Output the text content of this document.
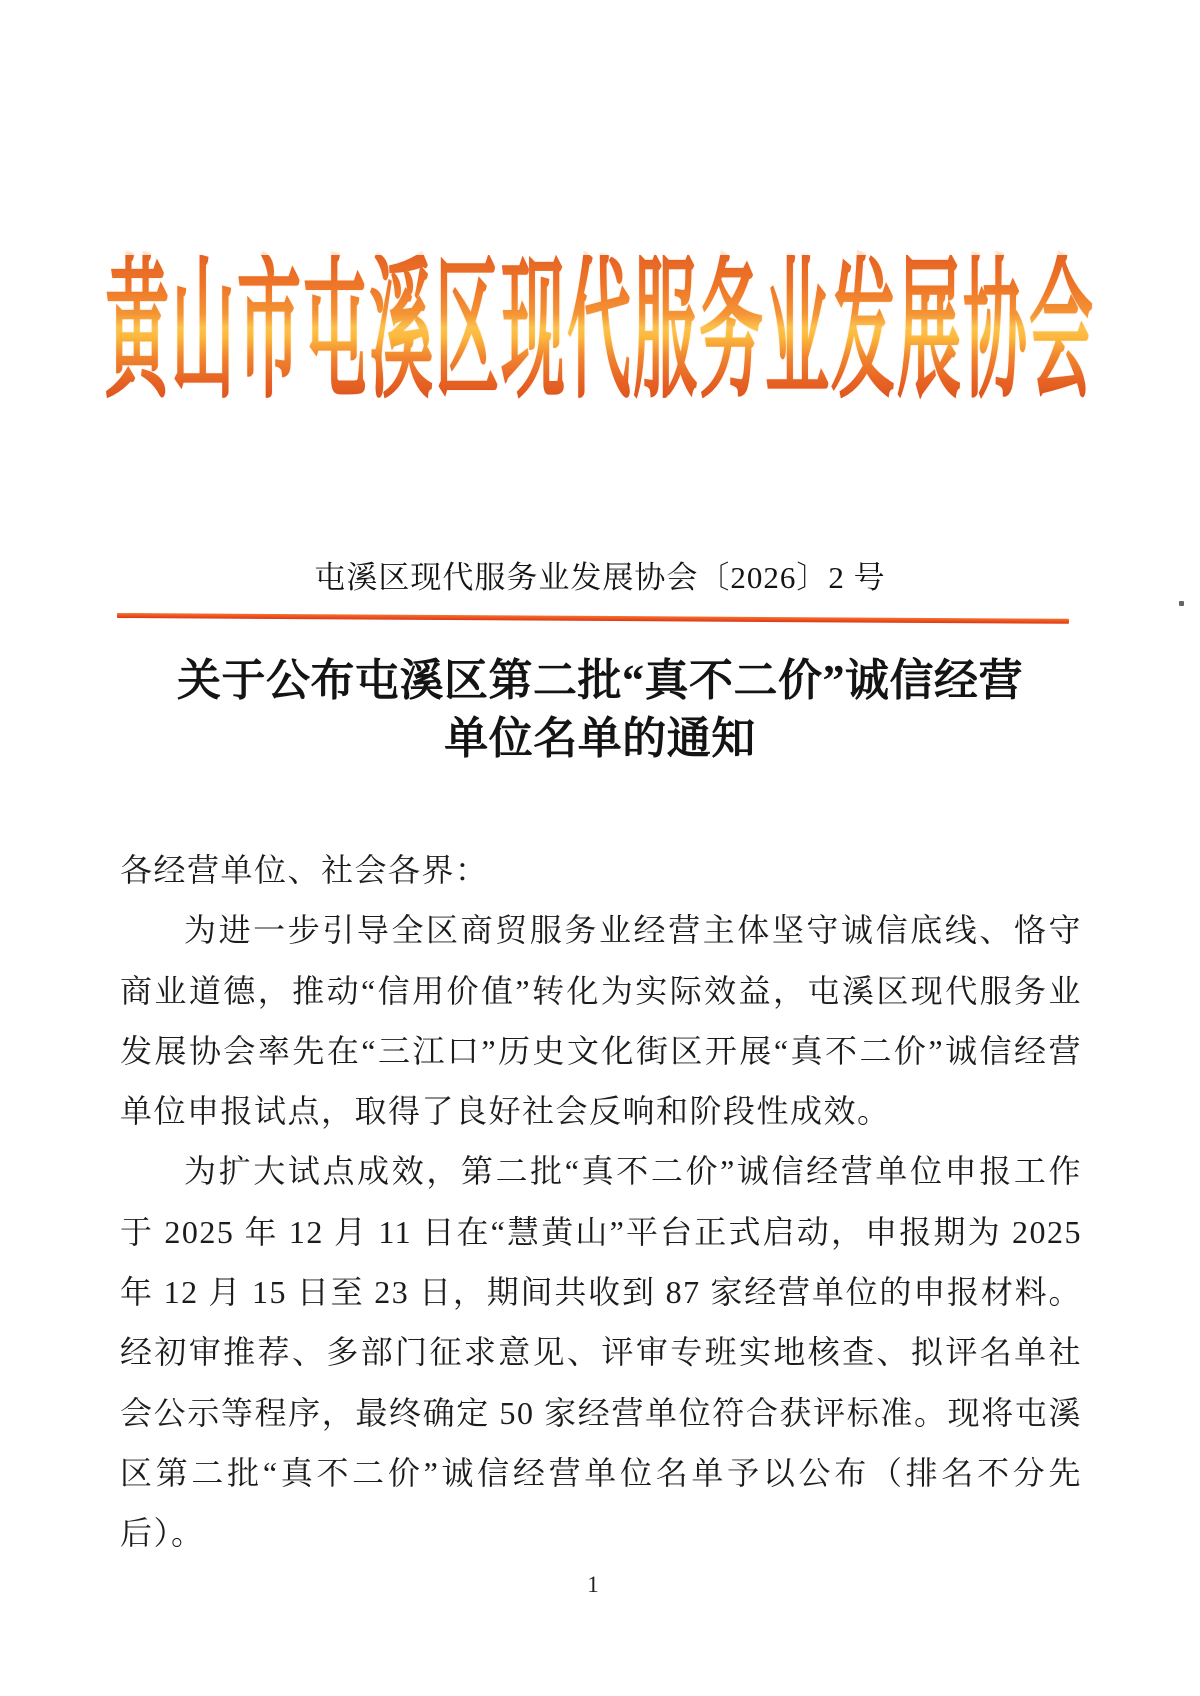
黄山市屯溪区现代服务业发展协会
屯溪区现代服务业发展协会〔2026〕2 号
关于公布屯溪区第二批“真不二价”诚信经营
单位名单的通知

各经营单位、社会各界：

为进一步引导全区商贸服务业经营主体坚守诚信底线、恪守商业道德，推动“信用价值”转化为实际效益，屯溪区现代服务业发展协会率先在“三江口”历史文化街区开展“真不二价”诚信经营单位申报试点，取得了良好社会反响和阶段性成效。

为扩大试点成效，第二批“真不二价”诚信经营单位申报工作于 2025 年 12 月 11 日在“慧黄山”平台正式启动，申报期为 2025 年 12 月 15 日至 23 日，期间共收到 87 家经营单位的申报材料。经初审推荐、多部门征求意见、评审专班实地核查、拟评名单社会公示等程序，最终确定 50 家经营单位符合获评标准。现将屯溪区第二批“真不二价”诚信经营单位名单予以公布（排名不分先后）。

1
